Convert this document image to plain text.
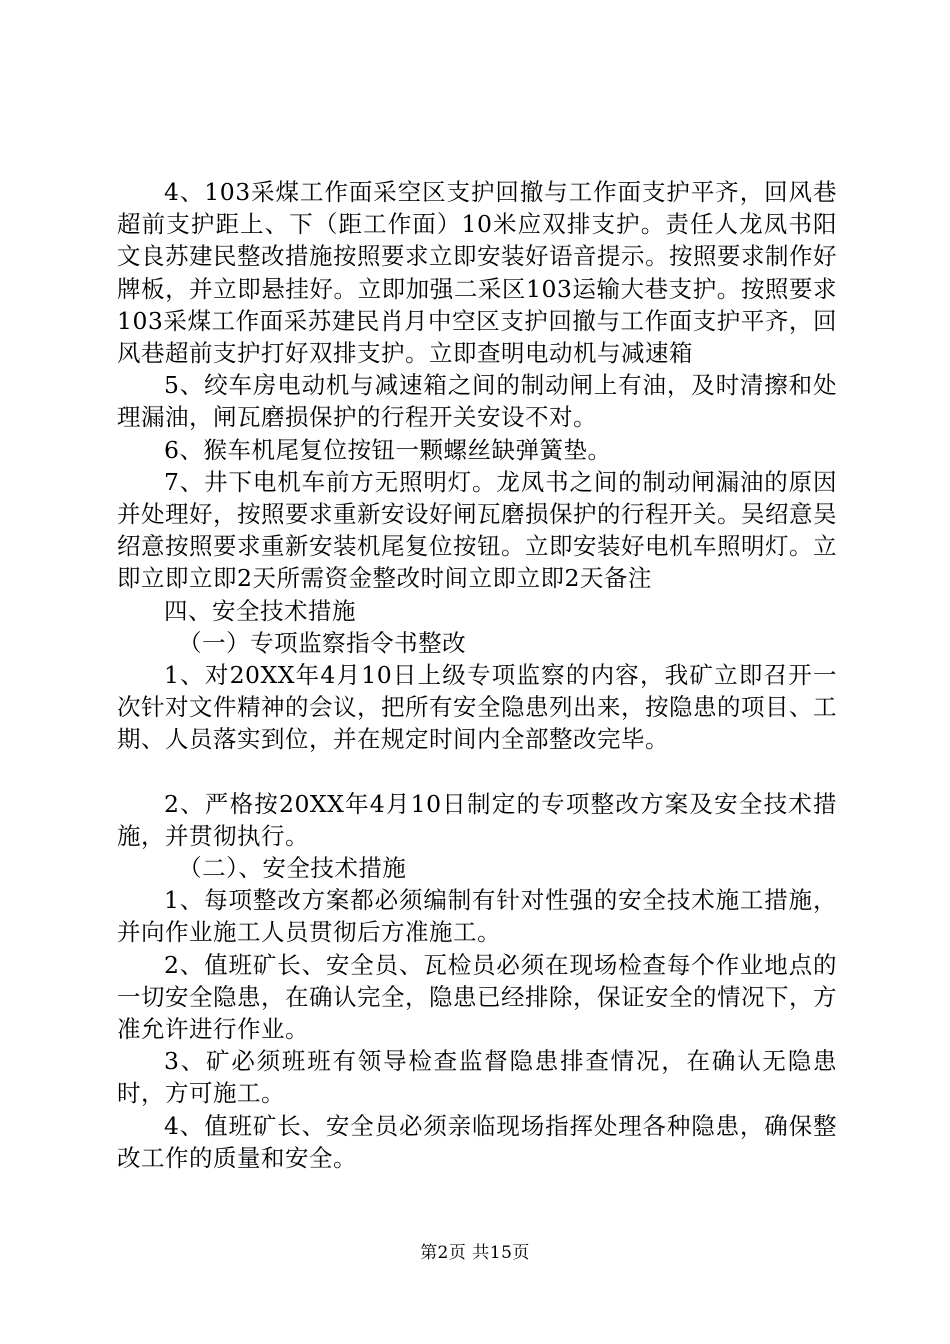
4、103采煤工作面采空区支护回撤与工作面支护平齐，回风巷超前支护距上、下（距工作面）10米应双排支护。责任人龙凤书阳文良苏建民整改措施按照要求立即安装好语音提示。按照要求制作好牌板，并立即悬挂好。立即加强二采区103运输大巷支护。按照要求103采煤工作面采苏建民肖月中空区支护回撤与工作面支护平齐，回风巷超前支护打好双排支护。立即查明电动机与减速箱

5、绞车房电动机与减速箱之间的制动闸上有油，及时清擦和处理漏油，闸瓦磨损保护的行程开关安设不对。

6、猴车机尾复位按钮一颗螺丝缺弹簧垫。

7、井下电机车前方无照明灯。龙凤书之间的制动闸漏油的原因并处理好，按照要求重新安设好闸瓦磨损保护的行程开关。吴绍意吴绍意按照要求重新安装机尾复位按钮。立即安装好电机车照明灯。立即立即立即2天所需资金整改时间立即立即2天备注

四、安全技术措施

（一）专项监察指令书整改

1、对20XX年4月10日上级专项监察的内容，我矿立即召开一次针对文件精神的会议，把所有安全隐患列出来，按隐患的项目、工期、人员落实到位，并在规定时间内全部整改完毕。

2、严格按20XX年4月10日制定的专项整改方案及安全技术措施，并贯彻执行。

（二）、安全技术措施

1、每项整改方案都必须编制有针对性强的安全技术施工措施，并向作业施工人员贯彻后方准施工。

2、值班矿长、安全员、瓦检员必须在现场检查每个作业地点的一切安全隐患，在确认完全，隐患已经排除，保证安全的情况下，方准允许进行作业。

3、矿必须班班有领导检查监督隐患排查情况，在确认无隐患时，方可施工。

4、值班矿长、安全员必须亲临现场指挥处理各种隐患，确保整改工作的质量和安全。

第2页 共15页
